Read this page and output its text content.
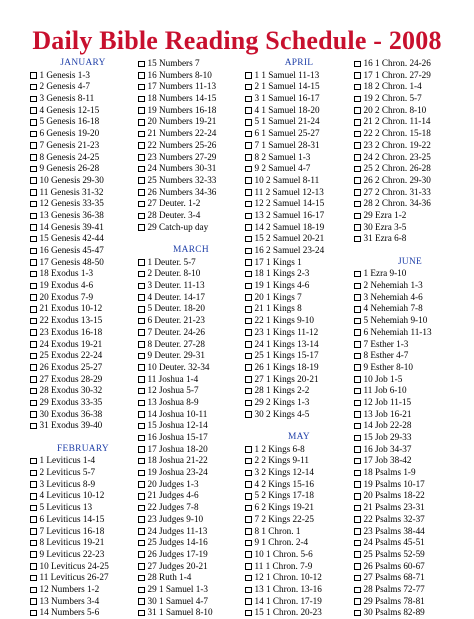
Daily Bible Reading Schedule - 2008
JANUARY
1 Genesis 1-3
2 Genesis 4-7
3 Genesis 8-11
4 Genesis 12-15
5 Genesis 16-18
6 Genesis 19-20
7 Genesis 21-23
8 Genesis 24-25
9 Genesis 26-28
10 Genesis 29-30
11 Genesis 31-32
12 Genesis 33-35
13 Genesis 36-38
14 Genesis 39-41
15 Genesis 42-44
16 Genesis 45-47
17 Genesis 48-50
18 Exodus 1-3
19 Exodus 4-6
20 Exodus 7-9
21 Exodus 10-12
22 Exodus 13-15
23 Exodus 16-18
24 Exodus 19-21
25 Exodus 22-24
26 Exodus 25-27
27 Exodus 28-29
28 Exodus 30-32
29 Exodus 33-35
30 Exodus 36-38
31 Exodus 39-40
FEBRUARY
1 Leviticus 1-4
2 Leviticus 5-7
3 Leviticus 8-9
4 Leviticus 10-12
5 Leviticus 13
6 Leviticus 14-15
7 Leviticus 16-18
8 Leviticus 19-21
9 Leviticus 22-23
10 Leviticus 24-25
11 Leviticus 26-27
12 Numbers 1-2
13 Numbers 3-4
14 Numbers 5-6
15 Numbers 7
16 Numbers 8-10
17 Numbers 11-13
18 Numbers 14-15
19 Numbers 16-18
20 Numbers 19-21
21 Numbers 22-24
22 Numbers 25-26
23 Numbers 27-29
24 Numbers 30-31
25 Numbers 32-33
26 Numbers 34-36
27 Deuter. 1-2
28 Deuter. 3-4
29 Catch-up day
MARCH
1 Deuter. 5-7
2 Deuter. 8-10
3 Deuter. 11-13
4 Deuter. 14-17
5 Deuter. 18-20
6 Deuter. 21-23
7 Deuter. 24-26
8 Deuter. 27-28
9 Deuter. 29-31
10 Deuter. 32-34
11 Joshua 1-4
12 Joshua 5-7
13 Joshua 8-9
14 Joshua 10-11
15 Joshua 12-14
16 Joshua 15-17
17 Joshua 18-20
18 Joshua 21-22
19 Joshua 23-24
20 Judges 1-3
21 Judges 4-6
22 Judges 7-8
23 Judges 9-10
24 Judges 11-13
25 Judges 14-16
26 Judges 17-19
27 Judges 20-21
28 Ruth 1-4
29 1 Samuel 1-3
30 1 Samuel 4-7
31 1 Samuel 8-10
APRIL
1 1 Samuel 11-13
2 1 Samuel 14-15
3 1 Samuel 16-17
4 1 Samuel 18-20
5 1 Samuel 21-24
6 1 Samuel 25-27
7 1 Samuel 28-31
8 2 Samuel 1-3
9 2 Samuel 4-7
10 2 Samuel 8-11
11 2 Samuel 12-13
12 2 Samuel 14-15
13 2 Samuel 16-17
14 2 Samuel 18-19
15 2 Samuel 20-21
16 2 Samuel 23-24
17 1 Kings 1
18 1 Kings 2-3
19 1 Kings 4-6
20 1 Kings 7
21 1 Kings 8
22 1 Kings 9-10
23 1 Kings 11-12
24 1 Kings 13-14
25 1 Kings 15-17
26 1 Kings 18-19
27 1 Kings 20-21
28 1 Kings 2-2
29 2 Kings 1-3
30 2 Kings 4-5
MAY
1 2 Kings 6-8
2 2 Kings 9-11
3 2 Kings 12-14
4 2 Kings 15-16
5 2 Kings 17-18
6 2 Kings 19-21
7 2 Kings 22-25
8 1 Chron. 1
9 1 Chron. 2-4
10 1 Chron. 5-6
11 1 Chron. 7-9
12 1 Chron. 10-12
13 1 Chron. 13-16
14 1 Chron. 17-19
15 1 Chron. 20-23
16 1 Chron. 24-26
17 1 Chron. 27-29
18 2 Chron. 1-4
19 2 Chron. 5-7
20 2 Chron. 8-10
21 2 Chron. 11-14
22 2 Chron. 15-18
23 2 Chron. 19-22
24 2 Chron. 23-25
25 2 Chron. 26-28
26 2 Chron. 29-30
27 2 Chron. 31-33
28 2 Chron. 34-36
29 Ezra 1-2
30 Ezra 3-5
31 Ezra 6-8
JUNE
1 Ezra 9-10
2 Nehemiah 1-3
3 Nehemiah 4-6
4 Nehemiah 7-8
5 Nehemiah 9-10
6 Nehemiah 11-13
7 Esther 1-3
8 Esther 4-7
9 Esther 8-10
10 Job 1-5
11 Job 6-10
12 Job 11-15
13 Job 16-21
14 Job 22-28
15 Job 29-33
16 Job 34-37
17 Job 38-42
18 Psalms 1-9
19 Psalms 10-17
20 Psalms 18-22
21 Psalms 23-31
22 Psalms 32-37
23 Psalms 38-44
24 Psalms 45-51
25 Psalms 52-59
26 Psalms 60-67
27 Psalms 68-71
28 Psalms 72-77
29 Psalms 78-81
30 Psalms 82-89
